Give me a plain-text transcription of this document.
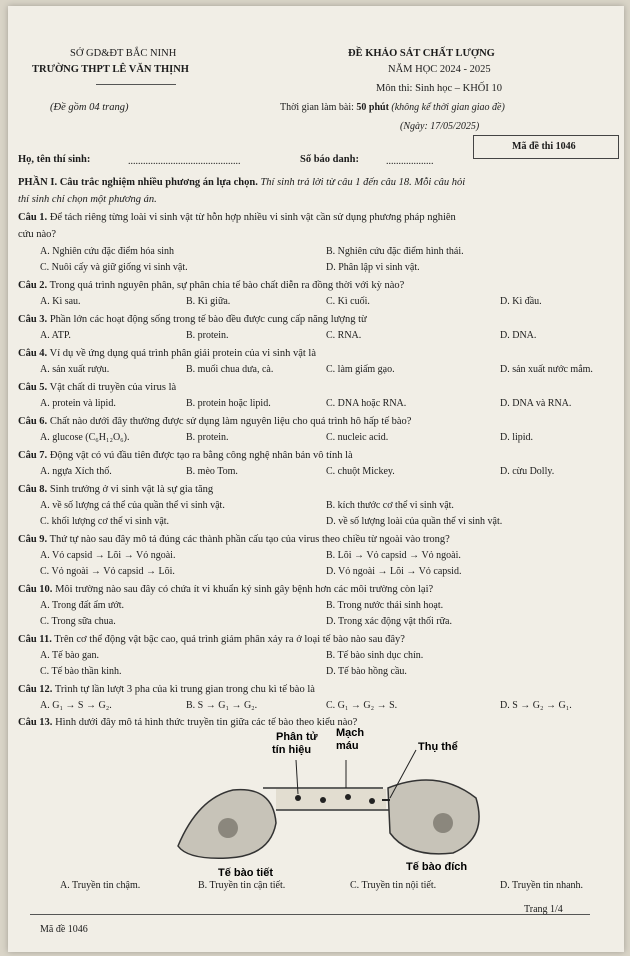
SỞ GD&ĐT BẮC NINH
TRƯỜNG THPT LÊ VĂN THỊNH
(Đề gồm 04 trang)
ĐỀ KHẢO SÁT CHẤT LƯỢNG
NĂM HỌC 2024 - 2025
Môn thi: Sinh học – KHỐI 10
Thời gian làm bài: 50 phút (không kể thời gian giao đề)
(Ngày: 17/05/2025)
Họ, tên thí sinh:	.............................................	Số báo danh:	...................
Mã đề thi 1046
PHẦN I. Câu trắc nghiệm nhiều phương án lựa chọn. Thí sinh trả lời từ câu 1 đến câu 18. Mỗi câu hỏi
thí sinh chỉ chọn một phương án.
Câu 1. Để tách riêng từng loài vi sinh vật từ hỗn hợp nhiều vi sinh vật cần sử dụng phương pháp nghiên
cứu nào?
A. Nghiên cứu đặc điểm hóa sinh	B. Nghiên cứu đặc điểm hình thái.
C. Nuôi cấy và giữ giống vi sinh vật.	D. Phân lập vi sinh vật.
Câu 2. Trong quá trình nguyên phân, sự phân chia tế bào chất diễn ra đồng thời với kỳ nào?
A. Kì sau.	B. Kì giữa.	C. Kì cuối.	D. Kì đầu.
Câu 3. Phần lớn các hoạt động sống trong tế bào đều được cung cấp năng lượng từ
A. ATP.	B. protein.	C. RNA.	D. DNA.
Câu 4. Ví dụ về ứng dụng quá trình phân giải protein của vi sinh vật là
A. sản xuất rượu.	B. muối chua dưa, cà.	C. làm giấm gạo.	D. sản xuất nước mắm.
Câu 5. Vật chất di truyền của virus là
A. protein và lipid.	B. protein hoặc lipid.	C. DNA hoặc RNA.	D. DNA và RNA.
Câu 6. Chất nào dưới đây thường được sử dụng làm nguyên liệu cho quá trình hô hấp tế bào?
A. glucose (C₆H₁₂O₆).	B. protein.	C. nucleic acid.	D. lipid.
Câu 7. Động vật có vú đầu tiên được tạo ra bằng công nghệ nhân bản vô tính là
A. ngựa Xích thố.	B. mèo Tom.	C. chuột Mickey.	D. cừu Dolly.
Câu 8. Sinh trưởng ở vi sinh vật là sự gia tăng
A. về số lượng cá thể của quần thể vi sinh vật.	B. kích thước cơ thể vi sinh vật.
C. khối lượng cơ thể vi sinh vật.	D. về số lượng loài của quần thể vi sinh vật.
Câu 9. Thứ tự nào sau đây mô tả đúng các thành phần cấu tạo của virus theo chiều từ ngoài vào trong?
A. Vỏ capsid → Lõi → Vỏ ngoài.	B. Lõi → Vỏ capsid → Vỏ ngoài.
C. Vỏ ngoài → Vỏ capsid → Lõi.	D. Vỏ ngoài → Lõi → Vỏ capsid.
Câu 10. Môi trường nào sau đây có chứa ít vi khuẩn ký sinh gây bệnh hơn các môi trường còn lại?
A. Trong đất ẩm ướt.	B. Trong nước thải sinh hoạt.
C. Trong sữa chua.	D. Trong xác động vật thối rữa.
Câu 11. Trên cơ thể động vật bậc cao, quá trình giảm phân xảy ra ở loại tế bào nào sau đây?
A. Tế bào gan.	B. Tế bào sinh dục chín.
C. Tế bào thần kinh.	D. Tế bào hồng cầu.
Câu 12. Trình tự lần lượt 3 pha của kì trung gian trong chu kì tế bào là
A. G₁ → S → G₂.	B. S → G₁ → G₂.	C. G₁ → G₂ → S.	D. S → G₂ → G₁.
Câu 13. Hình dưới đây mô tả hình thức truyền tin giữa các tế bào theo kiểu nào?
Phân tử
tín hiệu
Mạch
máu	Thụ thể
Tế bào tiết	Tế bào đích
A. Truyền tin chậm.	B. Truyền tin cận tiết.	C. Truyền tin nội tiết.	D. Truyền tin nhanh.
Trang 1/4
Mã đề 1046
